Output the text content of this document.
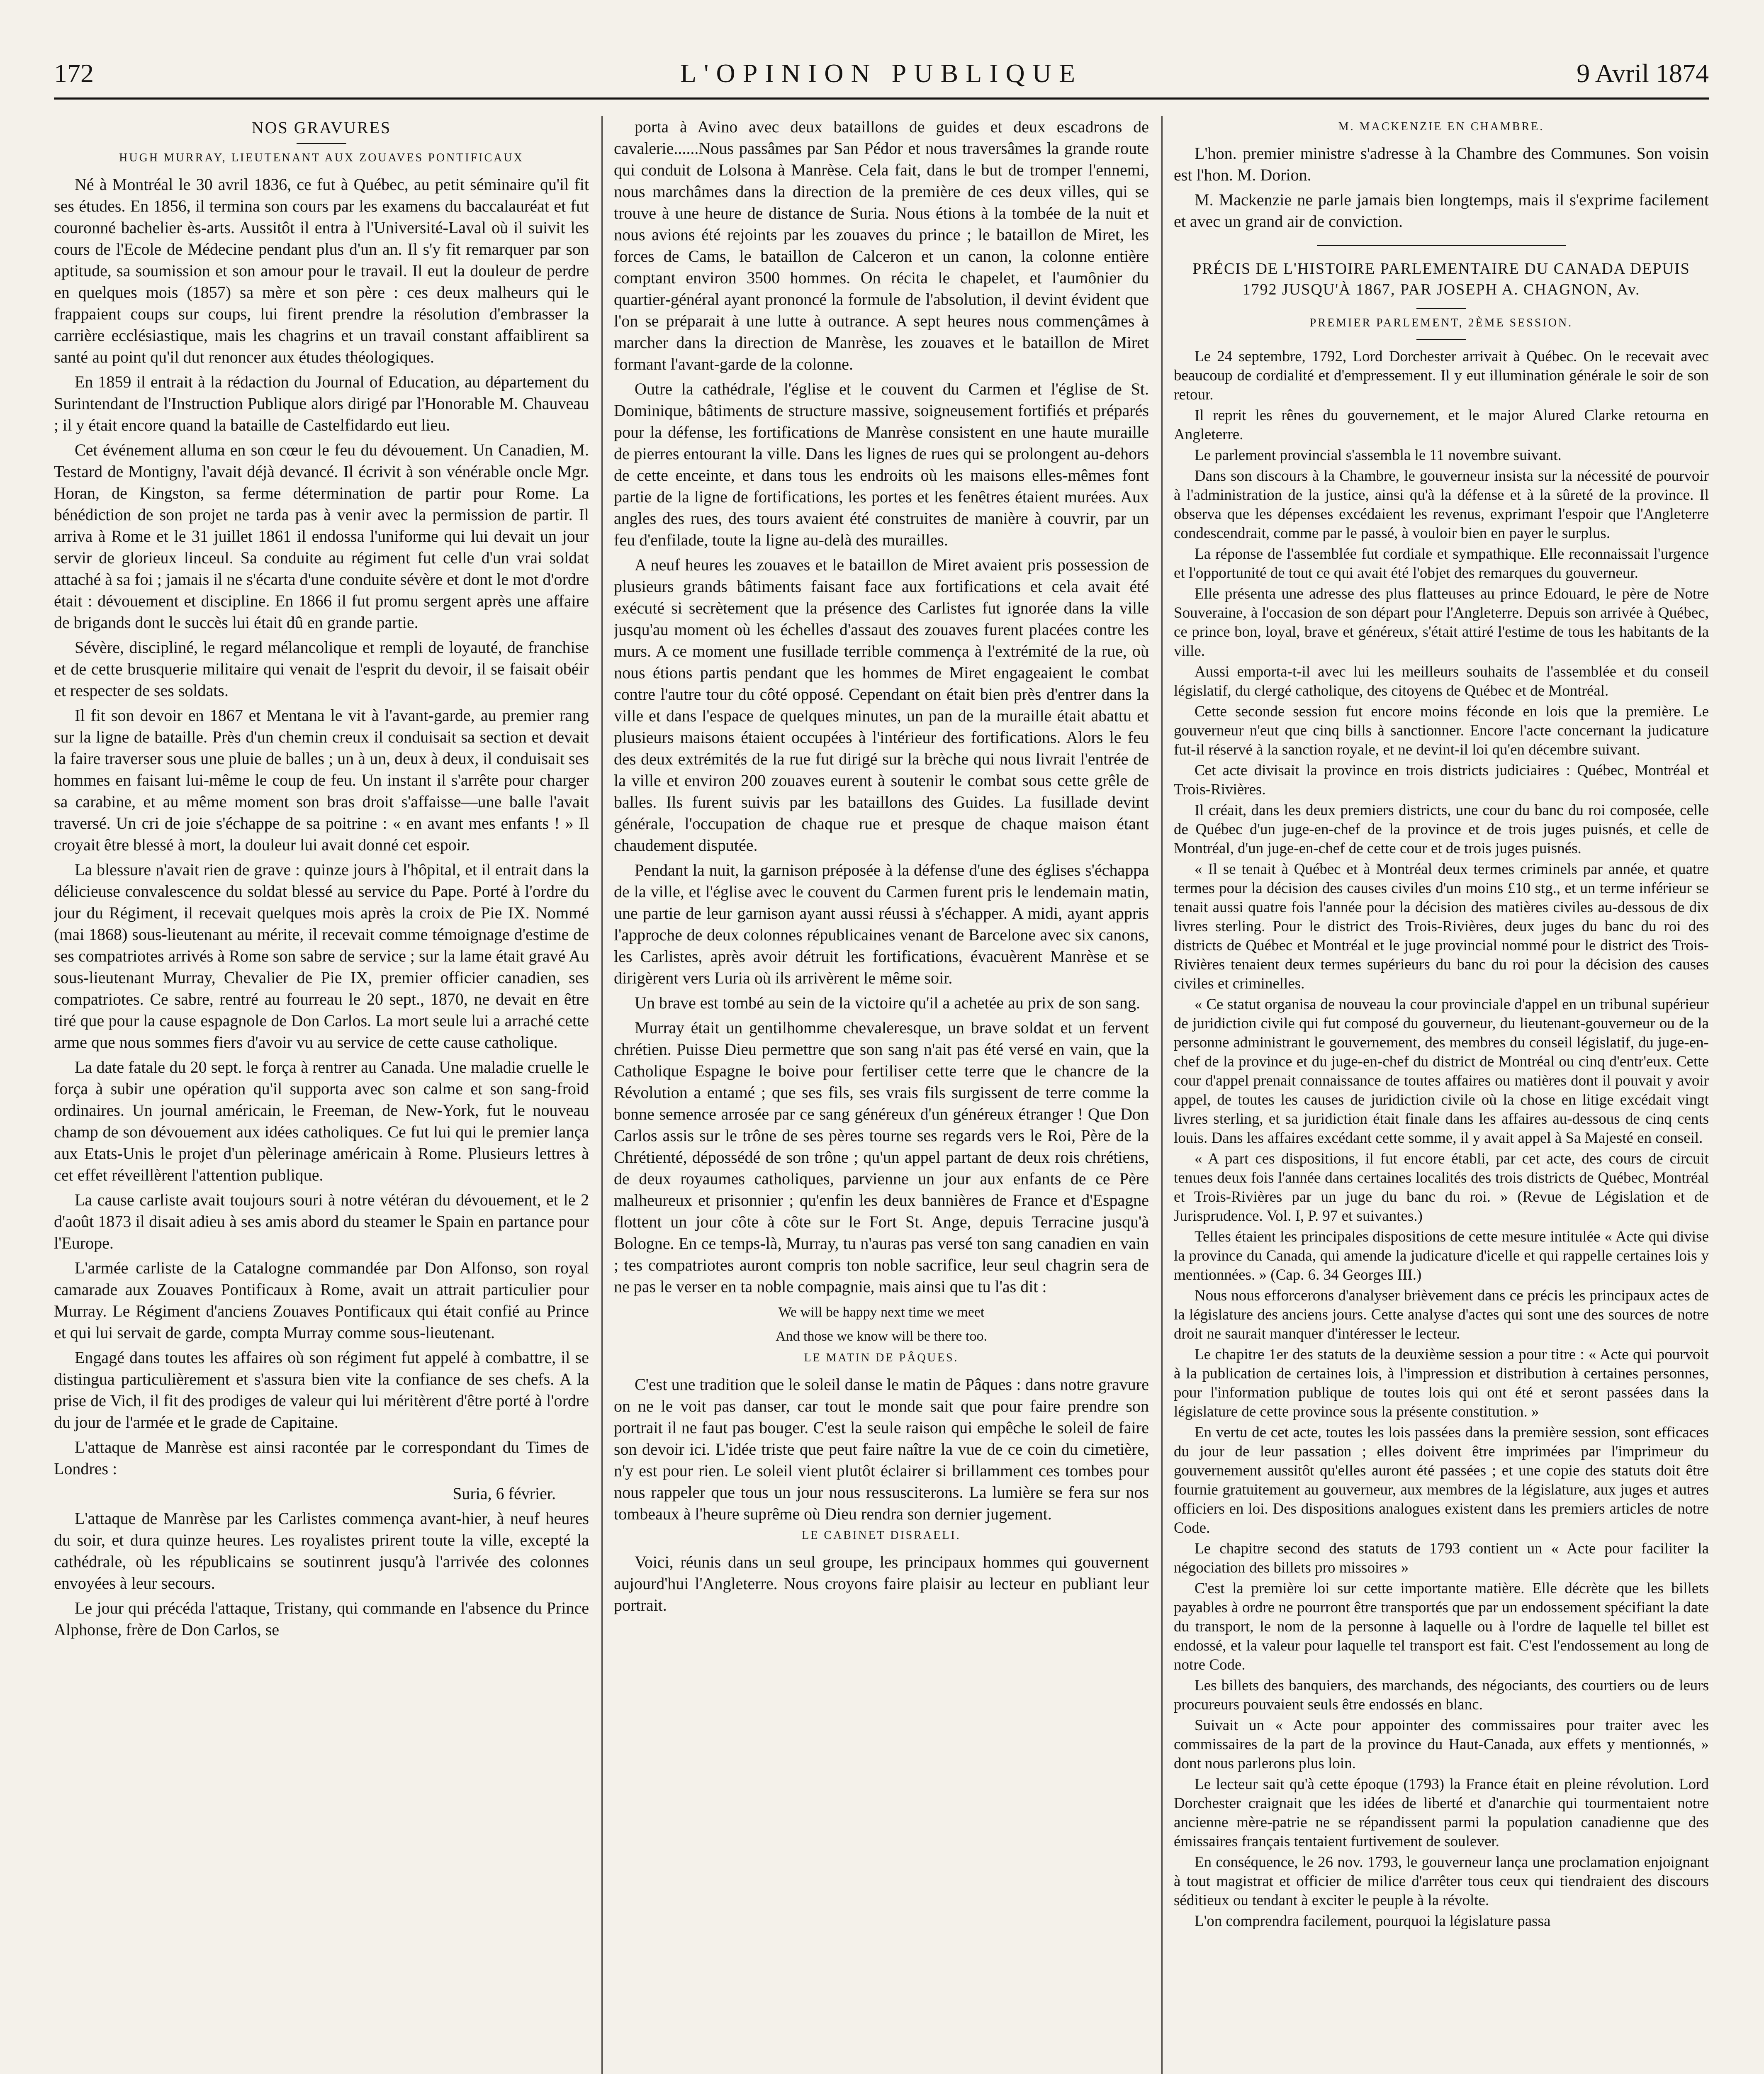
172	L'OPINION PUBLIQUE	9 Avril 1874
NOS GRAVURES
HUGH MURRAY, LIEUTENANT AUX ZOUAVES PONTIFICAUX

Né à Montréal le 30 avril 1836, ce fut à Québec, au petit séminaire qu'il fit ses études. En 1856, il termina son cours par les examens du baccalauréat et fut couronné bachelier ès-arts. Aussitôt il entra à l'Université-Laval où il suivit les cours de l'Ecole de Médecine pendant plus d'un an. Il s'y fit remarquer par son aptitude, sa soumission et son amour pour le travail. Il eut la douleur de perdre en quelques mois (1857) sa mère et son père : ces deux malheurs qui le frappaient coups sur coups, lui firent prendre la résolution d'embrasser la carrière ecclésiastique, mais les chagrins et un travail constant affaiblirent sa santé au point qu'il dut renoncer aux études théologiques.

En 1859 il entrait à la rédaction du Journal of Education, au département du Surintendant de l'Instruction Publique alors dirigé par l'Honorable M. Chauveau ; il y était encore quand la bataille de Castelfidardo eut lieu.

Cet événement alluma en son cœur le feu du dévouement. Un Canadien, M. Testard de Montigny, l'avait déjà devancé. Il écrivit à son vénérable oncle Mgr. Horan, de Kingston, sa ferme détermination de partir pour Rome. La bénédiction de son projet ne tarda pas à venir avec la permission de partir. Il arriva à Rome et le 31 juillet 1861 il endossa l'uniforme qui lui devait un jour servir de glorieux linceul. Sa conduite au régiment fut celle d'un vrai soldat attaché à sa foi ; jamais il ne s'écarta d'une conduite sévère et dont le mot d'ordre était : dévouement et discipline. En 1866 il fut promu sergent après une affaire de brigands dont le succès lui était dû en grande partie.

Sévère, discipliné, le regard mélancolique et rempli de loyauté, de franchise et de cette brusquerie militaire qui venait de l'esprit du devoir, il se faisait obéir et respecter de ses soldats.

Il fit son devoir en 1867 et Mentana le vit à l'avant-garde, au premier rang sur la ligne de bataille. Près d'un chemin creux il conduisait sa section et devait la faire traverser sous une pluie de balles ; un à un, deux à deux, il conduisait ses hommes en faisant lui-même le coup de feu. Un instant il s'arrête pour charger sa carabine, et au même moment son bras droit s'affaisse—une balle l'avait traversé. Un cri de joie s'échappe de sa poitrine : « en avant mes enfants ! » Il croyait être blessé à mort, la douleur lui avait donné cet espoir.

La blessure n'avait rien de grave : quinze jours à l'hôpital, et il entrait dans la délicieuse convalescence du soldat blessé au service du Pape. Porté à l'ordre du jour du Régiment, il recevait quelques mois après la croix de Pie IX. Nommé (mai 1868) sous-lieutenant au mérite, il recevait comme témoignage d'estime de ses compatriotes arrivés à Rome son sabre de service ; sur la lame était gravé Au sous-lieutenant Murray, Chevalier de Pie IX, premier officier canadien, ses compatriotes. Ce sabre, rentré au fourreau le 20 sept., 1870, ne devait en être tiré que pour la cause espagnole de Don Carlos. La mort seule lui a arraché cette arme que nous sommes fiers d'avoir vu au service de cette cause catholique.

La date fatale du 20 sept. le força à rentrer au Canada. Une maladie cruelle le força à subir une opération qu'il supporta avec son calme et son sang-froid ordinaires. Un journal américain, le Freeman, de New-York, fut le nouveau champ de son dévouement aux idées catholiques. Ce fut lui qui le premier lança aux Etats-Unis le projet d'un pèlerinage américain à Rome. Plusieurs lettres à cet effet réveillèrent l'attention publique.

La cause carliste avait toujours souri à notre vétéran du dévouement, et le 2 d'août 1873 il disait adieu à ses amis abord du steamer le Spain en partance pour l'Europe.

L'armée carliste de la Catalogne commandée par Don Alfonso, son royal camarade aux Zouaves Pontificaux à Rome, avait un attrait particulier pour Murray. Le Régiment d'anciens Zouaves Pontificaux qui était confié au Prince et qui lui servait de garde, compta Murray comme sous-lieutenant.

Engagé dans toutes les affaires où son régiment fut appelé à combattre, il se distingua particulièrement et s'assura bien vite la confiance de ses chefs. A la prise de Vich, il fit des prodiges de valeur qui lui méritèrent d'être porté à l'ordre du jour de l'armée et le grade de Capitaine.

L'attaque de Manrèse est ainsi racontée par le correspondant du Times de Londres :

Suria, 6 février.

L'attaque de Manrèse par les Carlistes commença avant-hier, à neuf heures du soir, et dura quinze heures. Les royalistes prirent toute la ville, excepté la cathédrale, où les républicains se soutinrent jusqu'à l'arrivée des colonnes envoyées à leur secours.

Le jour qui précéda l'attaque, Tristany, qui commande en l'absence du Prince Alphonse, frère de Don Carlos, se

porta à Avino avec deux bataillons de guides et deux escadrons de cavalerie......Nous passâmes par San Pédor et nous traversâmes la grande route qui conduit de Lolsona à Manrèse. Cela fait, dans le but de tromper l'ennemi, nous marchâmes dans la direction de la première de ces deux villes, qui se trouve à une heure de distance de Suria. Nous étions à la tombée de la nuit et nous avions été rejoints par les zouaves du prince ; le bataillon de Miret, les forces de Cams, le bataillon de Calceron et un canon, la colonne entière comptant environ 3500 hommes. On récita le chapelet, et l'aumônier du quartier-général ayant prononcé la formule de l'absolution, il devint évident que l'on se préparait à une lutte à outrance. A sept heures nous commençâmes à marcher dans la direction de Manrèse, les zouaves et le bataillon de Miret formant l'avant-garde de la colonne.

Outre la cathédrale, l'église et le couvent du Carmen et l'église de St. Dominique, bâtiments de structure massive, soigneusement fortifiés et préparés pour la défense, les fortifications de Manrèse consistent en une haute muraille de pierres entourant la ville. Dans les lignes de rues qui se prolongent au-dehors de cette enceinte, et dans tous les endroits où les maisons elles-mêmes font partie de la ligne de fortifications, les portes et les fenêtres étaient murées. Aux angles des rues, des tours avaient été construites de manière à couvrir, par un feu d'enfilade, toute la ligne au-delà des murailles.

A neuf heures les zouaves et le bataillon de Miret avaient pris possession de plusieurs grands bâtiments faisant face aux fortifications et cela avait été exécuté si secrètement que la présence des Carlistes fut ignorée dans la ville jusqu'au moment où les échelles d'assaut des zouaves furent placées contre les murs. A ce moment une fusillade terrible commença à l'extrémité de la rue, où nous étions partis pendant que les hommes de Miret engageaient le combat contre l'autre tour du côté opposé. Cependant on était bien près d'entrer dans la ville et dans l'espace de quelques minutes, un pan de la muraille était abattu et plusieurs maisons étaient occupées à l'intérieur des fortifications. Alors le feu des deux extrémités de la rue fut dirigé sur la brèche qui nous livrait l'entrée de la ville et environ 200 zouaves eurent à soutenir le combat sous cette grêle de balles. Ils furent suivis par les bataillons des Guides. La fusillade devint générale, l'occupation de chaque rue et presque de chaque maison étant chaudement disputée.

Pendant la nuit, la garnison préposée à la défense d'une des églises s'échappa de la ville, et l'église avec le couvent du Carmen furent pris le lendemain matin, une partie de leur garnison ayant aussi réussi à s'échapper. A midi, ayant appris l'approche de deux colonnes républicaines venant de Barcelone avec six canons, les Carlistes, après avoir détruit les fortifications, évacuèrent Manrèse et se dirigèrent vers Luria où ils arrivèrent le même soir.

Un brave est tombé au sein de la victoire qu'il a achetée au prix de son sang.

Murray était un gentilhomme chevaleresque, un brave soldat et un fervent chrétien. Puisse Dieu permettre que son sang n'ait pas été versé en vain, que la Catholique Espagne le boive pour fertiliser cette terre que le chancre de la Révolution a entamé ; que ses fils, ses vrais fils surgissent de terre comme la bonne semence arrosée par ce sang généreux d'un généreux étranger ! Que Don Carlos assis sur le trône de ses pères tourne ses regards vers le Roi, Père de la Chrétienté, dépossédé de son trône ; qu'un appel partant de deux rois chrétiens, de deux royaumes catholiques, parvienne un jour aux enfants de ce Père malheureux et prisonnier ; qu'enfin les deux bannières de France et d'Espagne flottent un jour côte à côte sur le Fort St. Ange, depuis Terracine jusqu'à Bologne. En ce temps-là, Murray, tu n'auras pas versé ton sang canadien en vain ; tes compatriotes auront compris ton noble sacrifice, leur seul chagrin sera de ne pas le verser en ta noble compagnie, mais ainsi que tu l'as dit :

We will be happy next time we meet

And those we know will be there too.

LE MATIN DE PÂQUES.

C'est une tradition que le soleil danse le matin de Pâques : dans notre gravure on ne le voit pas danser, car tout le monde sait que pour faire prendre son portrait il ne faut pas bouger. C'est la seule raison qui empêche le soleil de faire son devoir ici. L'idée triste que peut faire naître la vue de ce coin du cimetière, n'y est pour rien. Le soleil vient plutôt éclairer si brillamment ces tombes pour nous rappeler que tous un jour nous ressusciterons. La lumière se fera sur nos tombeaux à l'heure suprême où Dieu rendra son dernier jugement.

LE CABINET DISRAELI.

Voici, réunis dans un seul groupe, les principaux hommes qui gouvernent aujourd'hui l'Angleterre. Nous croyons faire plaisir au lecteur en publiant leur portrait.

M. MACKENZIE EN CHAMBRE.

L'hon. premier ministre s'adresse à la Chambre des Communes. Son voisin est l'hon. M. Dorion.

M. Mackenzie ne parle jamais bien longtemps, mais il s'exprime facilement et avec un grand air de conviction.

PRÉCIS DE L'HISTOIRE PARLEMENTAIRE DU CANADA DEPUIS 1792 JUSQU'À 1867, PAR JOSEPH A. CHAGNON, Av.
PREMIER PARLEMENT, 2ÈME SESSION.

Le 24 septembre, 1792, Lord Dorchester arrivait à Québec. On le recevait avec beaucoup de cordialité et d'empressement. Il y eut illumination générale le soir de son retour.

Il reprit les rênes du gouvernement, et le major Alured Clarke retourna en Angleterre.

Le parlement provincial s'assembla le 11 novembre suivant.

Dans son discours à la Chambre, le gouverneur insista sur la nécessité de pourvoir à l'administration de la justice, ainsi qu'à la défense et à la sûreté de la province. Il observa que les dépenses excédaient les revenus, exprimant l'espoir que l'Angleterre condescendrait, comme par le passé, à vouloir bien en payer le surplus.

La réponse de l'assemblée fut cordiale et sympathique. Elle reconnaissait l'urgence et l'opportunité de tout ce qui avait été l'objet des remarques du gouverneur.

Elle présenta une adresse des plus flatteuses au prince Edouard, le père de Notre Souveraine, à l'occasion de son départ pour l'Angleterre. Depuis son arrivée à Québec, ce prince bon, loyal, brave et généreux, s'était attiré l'estime de tous les habitants de la ville.

Aussi emporta-t-il avec lui les meilleurs souhaits de l'assemblée et du conseil législatif, du clergé catholique, des citoyens de Québec et de Montréal.

Cette seconde session fut encore moins féconde en lois que la première. Le gouverneur n'eut que cinq bills à sanctionner. Encore l'acte concernant la judicature fut-il réservé à la sanction royale, et ne devint-il loi qu'en décembre suivant.

Cet acte divisait la province en trois districts judiciaires : Québec, Montréal et Trois-Rivières.

Il créait, dans les deux premiers districts, une cour du banc du roi composée, celle de Québec d'un juge-en-chef de la province et de trois juges puisnés, et celle de Montréal, d'un juge-en-chef de cette cour et de trois juges puisnés.

« Il se tenait à Québec et à Montréal deux termes criminels par année, et quatre termes pour la décision des causes civiles d'un moins £10 stg., et un terme inférieur se tenait aussi quatre fois l'année pour la décision des matières civiles au-dessous de dix livres sterling. Pour le district des Trois-Rivières, deux juges du banc du roi des districts de Québec et Montréal et le juge provincial nommé pour le district des Trois-Rivières tenaient deux termes supérieurs du banc du roi pour la décision des causes civiles et criminelles.

« Ce statut organisa de nouveau la cour provinciale d'appel en un tribunal supérieur de juridiction civile qui fut composé du gouverneur, du lieutenant-gouverneur ou de la personne administrant le gouvernement, des membres du conseil législatif, du juge-en-chef de la province et du juge-en-chef du district de Montréal ou cinq d'entr'eux. Cette cour d'appel prenait connaissance de toutes affaires ou matières dont il pouvait y avoir appel, de toutes les causes de juridiction civile où la chose en litige excédait vingt livres sterling, et sa juridiction était finale dans les affaires au-dessous de cinq cents louis. Dans les affaires excédant cette somme, il y avait appel à Sa Majesté en conseil.

« A part ces dispositions, il fut encore établi, par cet acte, des cours de circuit tenues deux fois l'année dans certaines localités des trois districts de Québec, Montréal et Trois-Rivières par un juge du banc du roi. » (Revue de Législation et de Jurisprudence. Vol. I, P. 97 et suivantes.)

Telles étaient les principales dispositions de cette mesure intitulée « Acte qui divise la province du Canada, qui amende la judicature d'icelle et qui rappelle certaines lois y mentionnées. » (Cap. 6. 34 Georges III.)

Nous nous efforcerons d'analyser brièvement dans ce précis les principaux actes de la législature des anciens jours. Cette analyse d'actes qui sont une des sources de notre droit ne saurait manquer d'intéresser le lecteur.

Le chapitre 1er des statuts de la deuxième session a pour titre : « Acte qui pourvoit à la publication de certaines lois, à l'impression et distribution à certaines personnes, pour l'information publique de toutes lois qui ont été et seront passées dans la législature de cette province sous la présente constitution. »

En vertu de cet acte, toutes les lois passées dans la première session, sont efficaces du jour de leur passation ; elles doivent être imprimées par l'imprimeur du gouvernement aussitôt qu'elles auront été passées ; et une copie des statuts doit être fournie gratuitement au gouverneur, aux membres de la législature, aux juges et autres officiers en loi. Des dispositions analogues existent dans les premiers articles de notre Code.

Le chapitre second des statuts de 1793 contient un « Acte pour faciliter la négociation des billets pro missoires »

C'est la première loi sur cette importante matière. Elle décrète que les billets payables à ordre ne pourront être transportés que par un endossement spécifiant la date du transport, le nom de la personne à laquelle ou à l'ordre de laquelle tel billet est endossé, et la valeur pour laquelle tel transport est fait. C'est l'endossement au long de notre Code.

Les billets des banquiers, des marchands, des négociants, des courtiers ou de leurs procureurs pouvaient seuls être endossés en blanc.

Suivait un « Acte pour appointer des commissaires pour traiter avec les commissaires de la part de la province du Haut-Canada, aux effets y mentionnés, » dont nous parlerons plus loin.

Le lecteur sait qu'à cette époque (1793) la France était en pleine révolution. Lord Dorchester craignait que les idées de liberté et d'anarchie qui tourmentaient notre ancienne mère-patrie ne se répandissent parmi la population canadienne que des émissaires français tentaient furtivement de soulever.

En conséquence, le 26 nov. 1793, le gouverneur lança une proclamation enjoignant à tout magistrat et officier de milice d'arrêter tous ceux qui tiendraient des discours séditieux ou tendant à exciter le peuple à la révolte.

L'on comprendra facilement, pourquoi la législature passa
